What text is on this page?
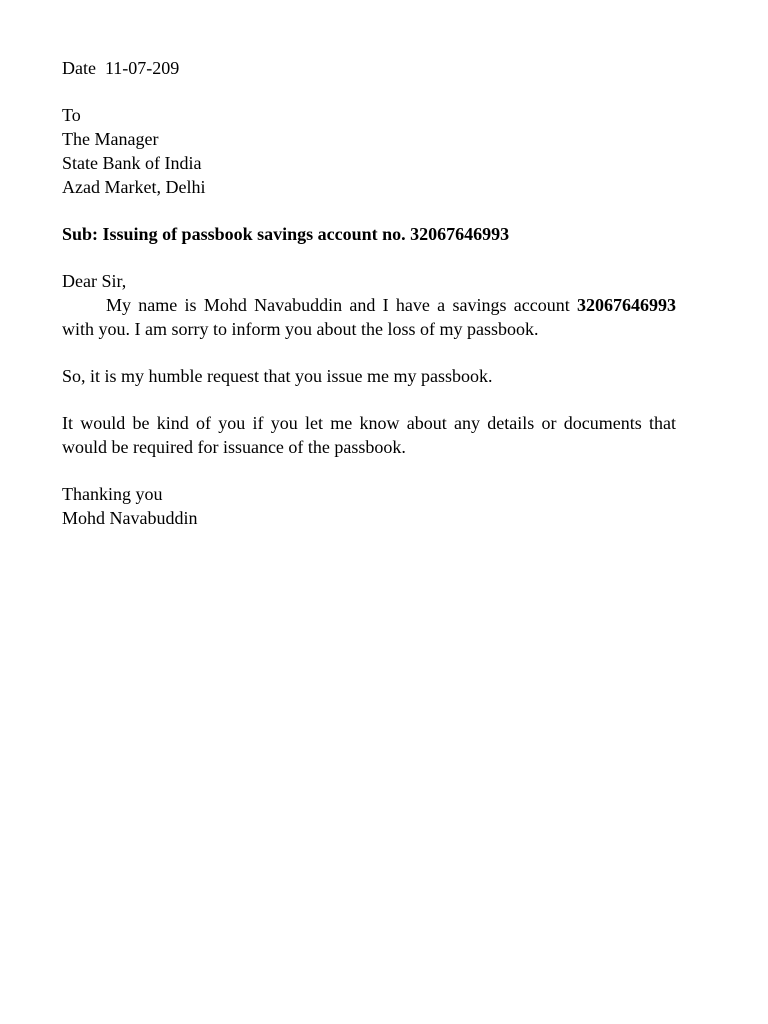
Date  11-07-209
To
The Manager
State Bank of India
Azad Market, Delhi
Sub: Issuing of passbook savings account no. 32067646993
Dear Sir,
My name is Mohd Navabuddin and I have a savings account 32067646993 with you. I am sorry to inform you about the loss of my passbook.
So, it is my humble request that you issue me my passbook.
It would be kind of you if you let me know about any details or documents that would be required for issuance of the passbook.
Thanking you
Mohd Navabuddin
